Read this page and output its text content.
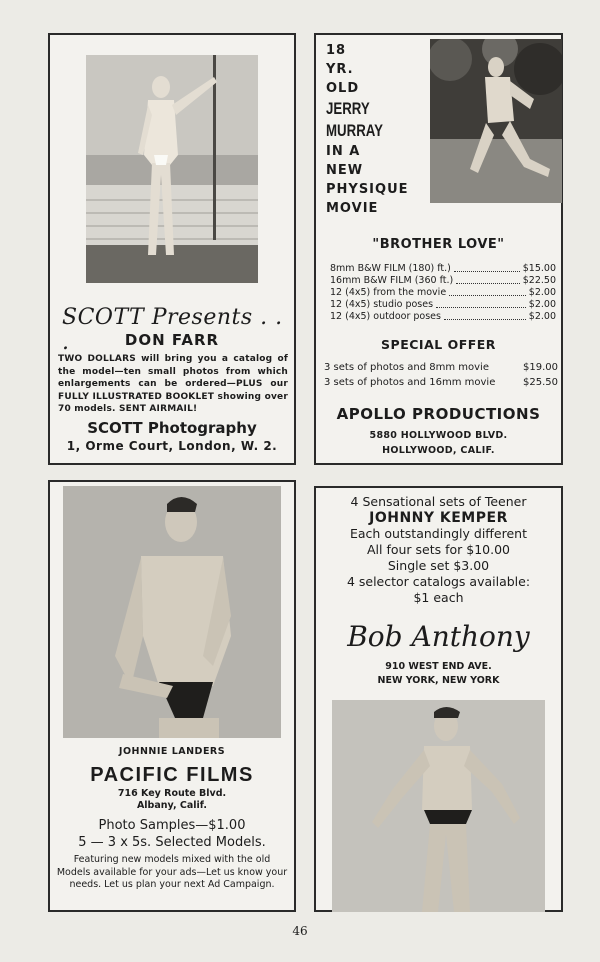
SCOTT Presents . . .	DON FARR
TWO DOLLARS will bring you a catalog of the model—ten small photos from which enlargements can be ordered—PLUS our FULLY ILLUSTRATED BOOKLET showing over 70 models. SENT AIRMAIL!
SCOTT Photography
1, Orme Court, London, W. 2.
18
YR.
OLD
JERRY
MURRAY
IN A
NEW
PHYSIQUE
MOVIE
"BROTHER LOVE"
8mm B&W FILM (180) ft.)	$15.00
16mm B&W FILM (360 ft.)	$22.50
12 (4x5) from the movie	$2.00
12 (4x5) studio poses	$2.00
12 (4x5) outdoor poses	$2.00
SPECIAL OFFER
3 sets of photos and 8mm movie	$19.00
3 sets of photos and 16mm movie	$25.50
APOLLO PRODUCTIONS
5880 HOLLYWOOD BLVD.
HOLLYWOOD, CALIF.
JOHNNIE LANDERS
PACIFIC FILMS
716 Key Route Blvd.
Albany, Calif.
Photo Samples—$1.00
5 — 3 x 5s. Selected Models.
Featuring new models mixed with the old Models available for your ads—Let us know your needs. Let us plan your next Ad Campaign.
4 Sensational sets of Teener
JOHNNY KEMPER
Each outstandingly different
All four sets for $10.00
Single set $3.00
4 selector catalogs available:
$1 each
Bob Anthony
910 WEST END AVE.
NEW YORK, NEW YORK
46
